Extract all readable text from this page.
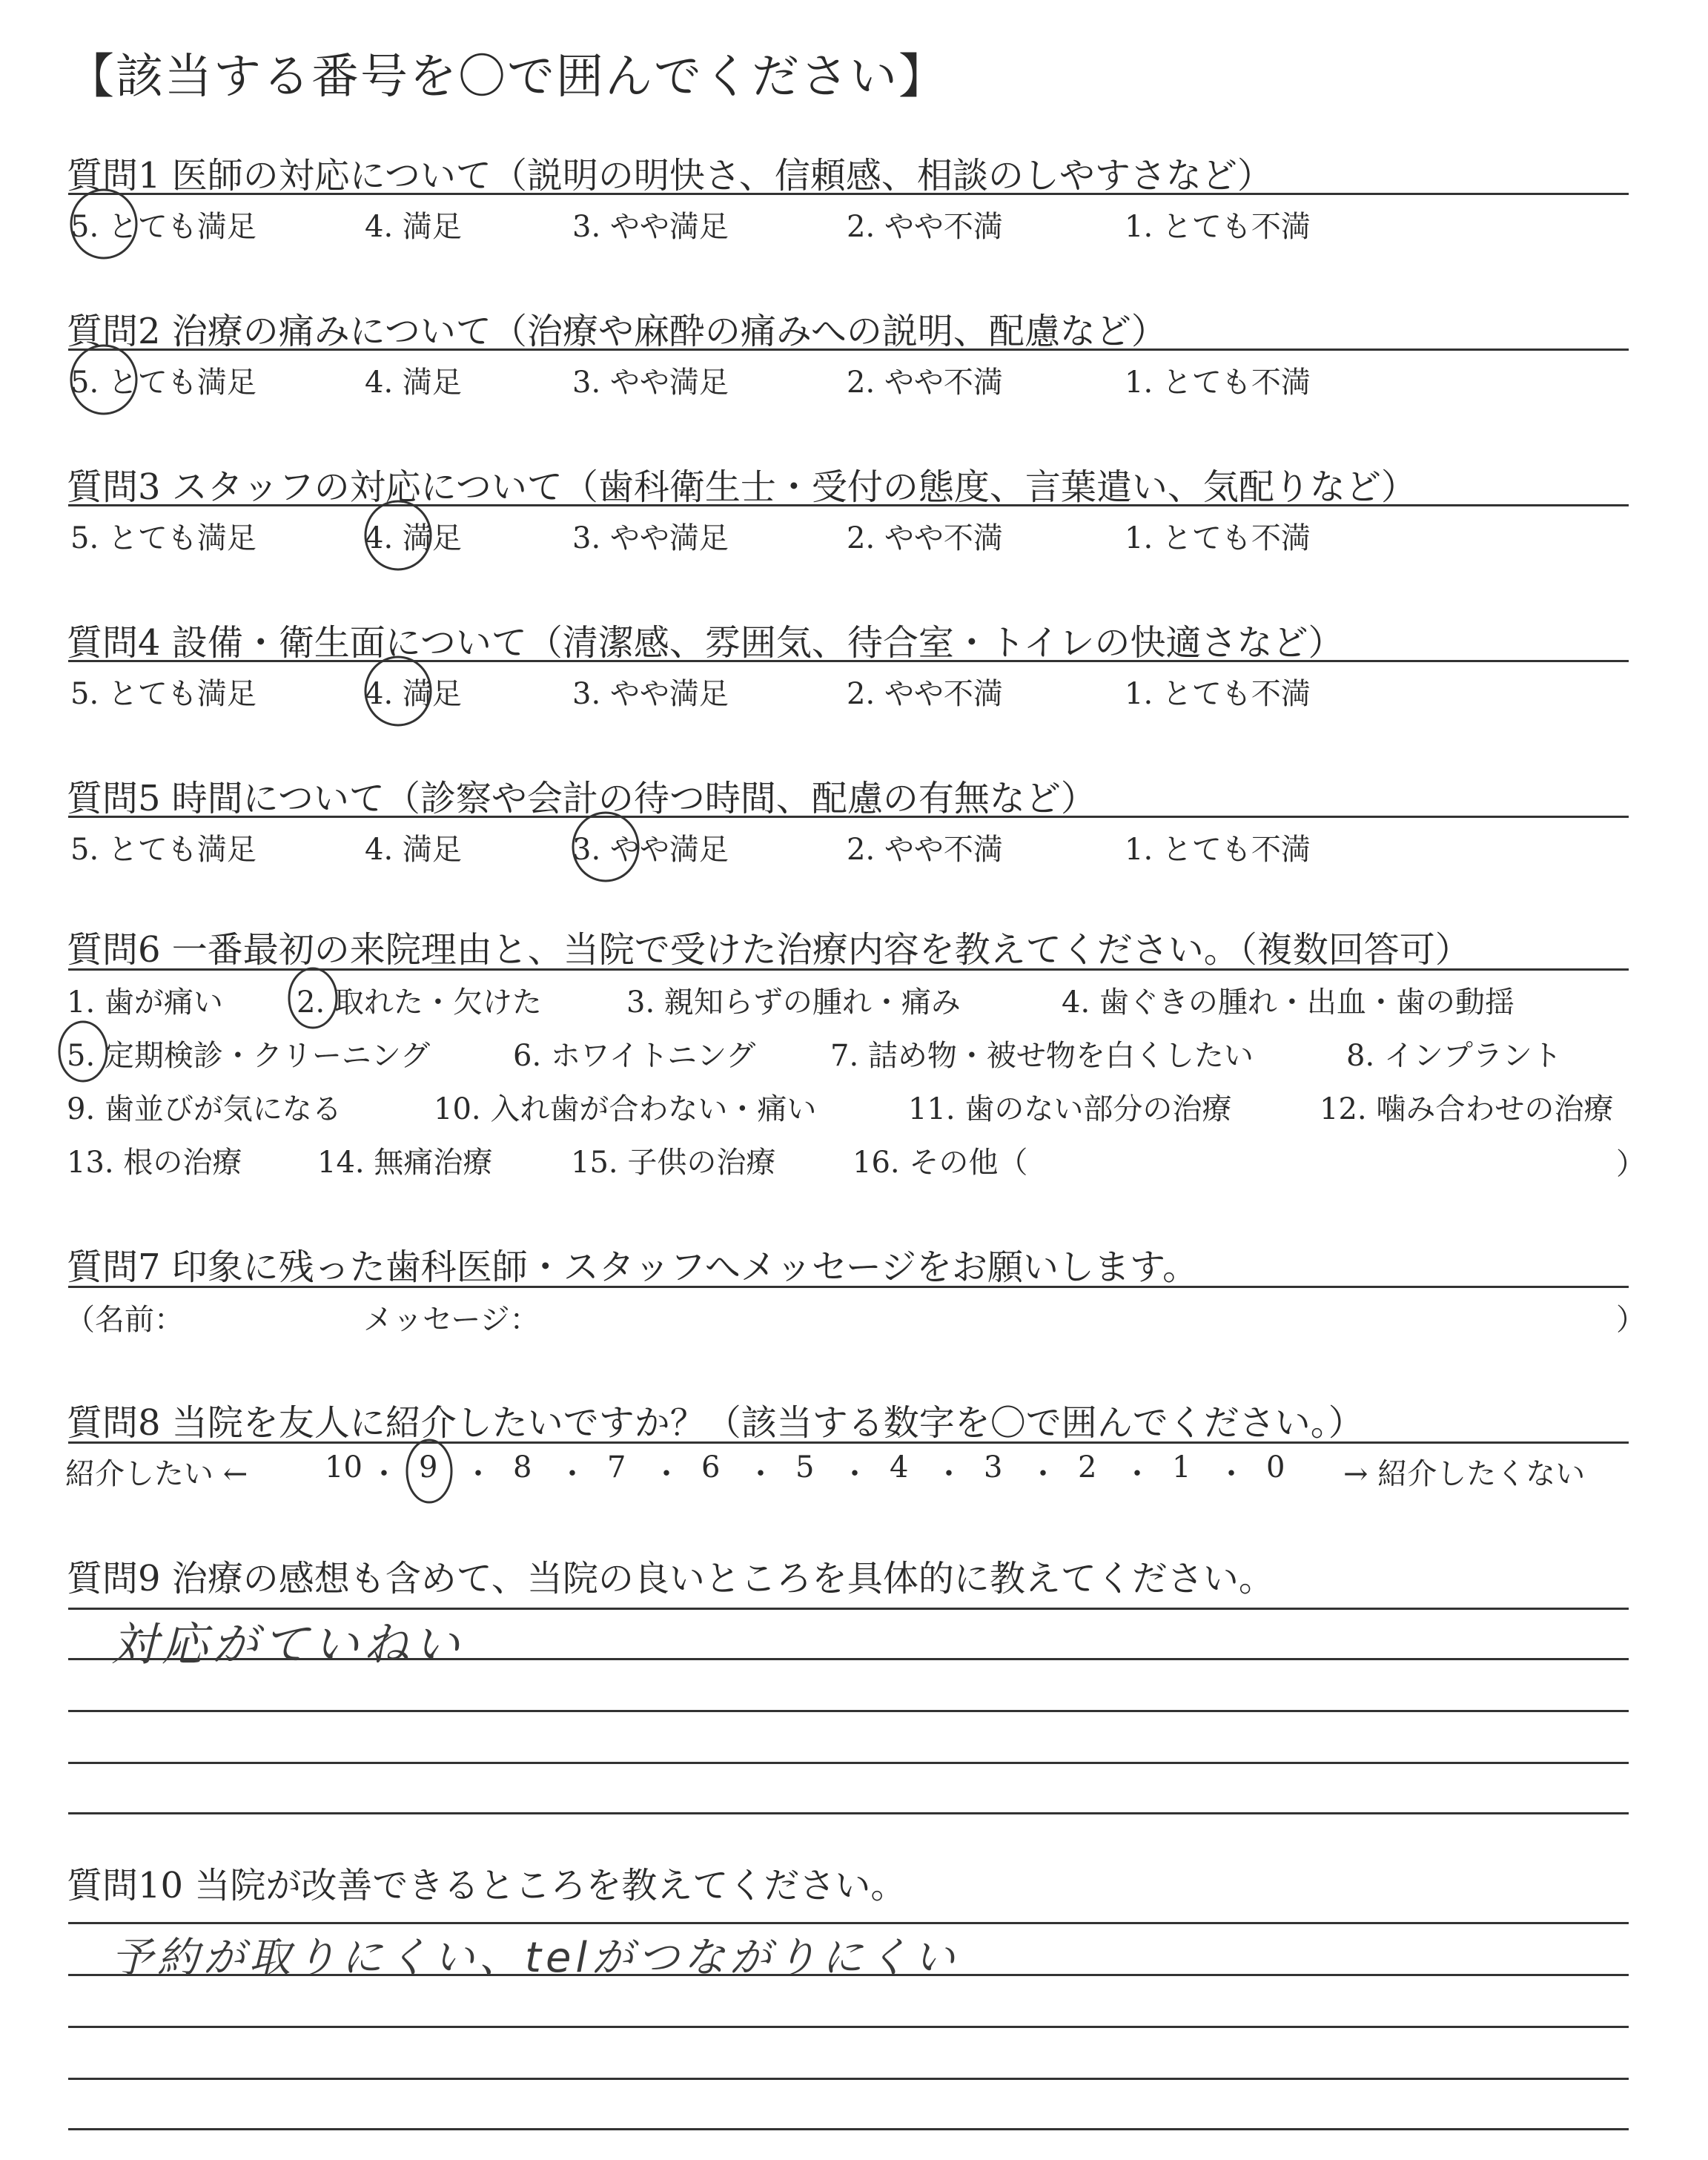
【該当する番号を〇で囲んでください】
質問1 医師の対応について（説明の明快さ、信頼感、相談のしやすさなど）
5. とても満足	4. 満足	3. やや満足	2. やや不満	1. とても不満
質問2 治療の痛みについて（治療や麻酔の痛みへの説明、配慮など）
5. とても満足	4. 満足	3. やや満足	2. やや不満	1. とても不満
質問3 スタッフの対応について（歯科衛生士・受付の態度、言葉遣い、気配りなど）
5. とても満足	4. 満足	3. やや満足	2. やや不満	1. とても不満
質問4 設備・衛生面について（清潔感、雰囲気、待合室・トイレの快適さなど）
5. とても満足	4. 満足	3. やや満足	2. やや不満	1. とても不満
質問5 時間について（診察や会計の待つ時間、配慮の有無など）
5. とても満足	4. 満足	3. やや満足	2. やや不満	1. とても不満
質問6 一番最初の来院理由と、当院で受けた治療内容を教えてください。（複数回答可）
1. 歯が痛い 2. 取れた・欠けた	3. 親知らずの腫れ・痛み	4. 歯ぐきの腫れ・出血・歯の動揺
5. 定期検診・クリーニング	6. ホワイトニング	7. 詰め物・被せ物を白くしたい	8. インプラント
9. 歯並びが気になる	10. 入れ歯が合わない・痛い	11. 歯のない部分の治療	12. 噛み合わせの治療
13. 根の治療	14. 無痛治療	15. 子供の治療	16. その他（	）
質問7 印象に残った歯科医師・スタッフへメッセージをお願いします。
（名前：	メッセージ：	）
質問8 当院を友人に紹介したいですか？（該当する数字を〇で囲んでください。）
紹介したい ←	10 ・ 9 ・ 8 ・ 7 ・ 6 ・ 5 ・ 4 ・ 3 ・ 2 ・ 1 ・ 0 → 紹介したくない
質問9 治療の感想も含めて、当院の良いところを具体的に教えてください。
対応がていねい
質問10 当院が改善できるところを教えてください。
予約が取りにくい、telがつながりにくい
